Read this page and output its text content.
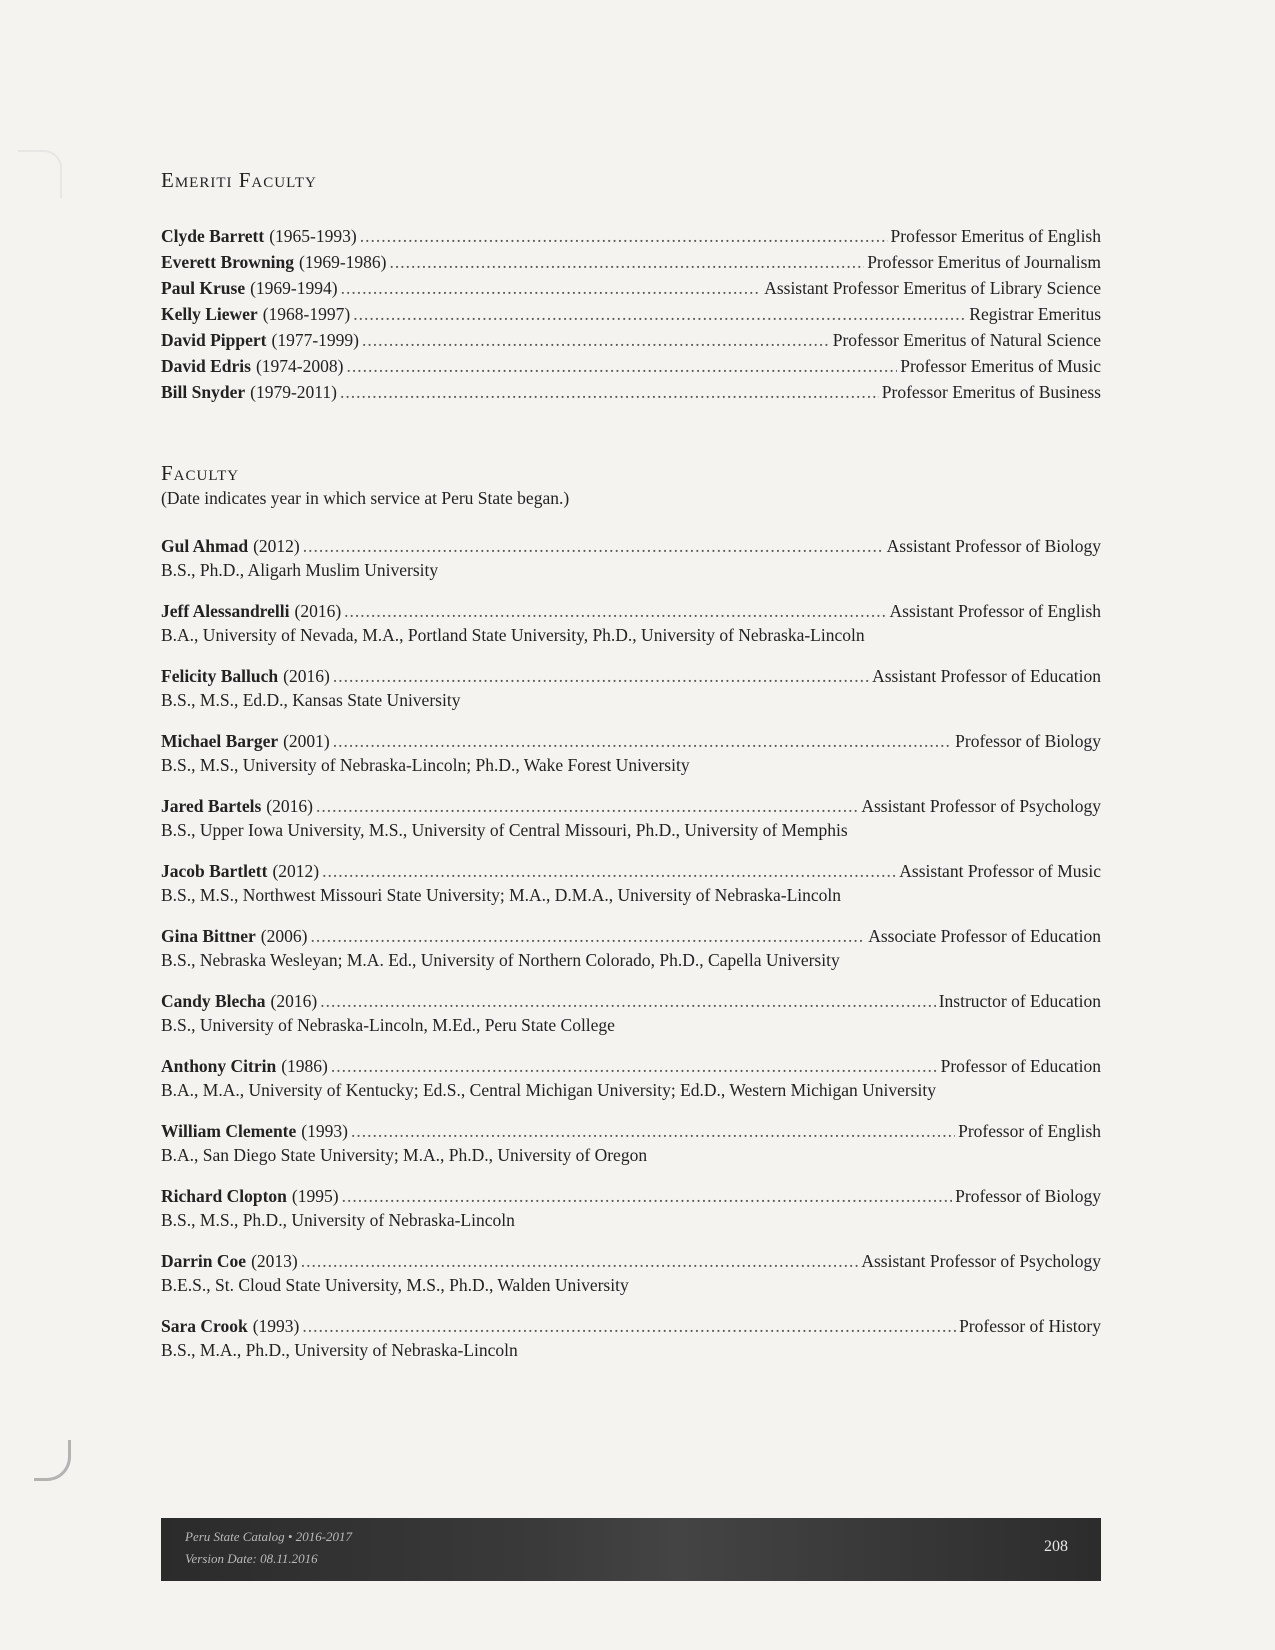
Emeriti Faculty
Clyde Barrett (1965-1993) .....	Professor Emeritus of English
Everett Browning (1969-1986) .....	Professor Emeritus of Journalism
Paul Kruse (1969-1994) .....	Assistant Professor Emeritus of Library Science
Kelly Liewer (1968-1997) .....	Registrar Emeritus
David Pippert (1977-1999) .....	Professor Emeritus of Natural Science
David Edris (1974-2008) .....	Professor Emeritus of Music
Bill Snyder (1979-2011) .....	Professor Emeritus of Business
Faculty
(Date indicates year in which service at Peru State began.)
Gul Ahmad (2012) .....	Assistant Professor of Biology
B.S., Ph.D., Aligarh Muslim University
Jeff Alessandrelli (2016) .....	Assistant Professor of English
B.A., University of Nevada, M.A., Portland State University, Ph.D., University of Nebraska-Lincoln
Felicity Balluch (2016) .....	Assistant Professor of Education
B.S., M.S., Ed.D., Kansas State University
Michael Barger (2001) .....	Professor of Biology
B.S., M.S., University of Nebraska-Lincoln; Ph.D., Wake Forest University
Jared Bartels (2016) .....	Assistant Professor of Psychology
B.S., Upper Iowa University, M.S., University of Central Missouri, Ph.D., University of Memphis
Jacob Bartlett (2012) .....	Assistant Professor of Music
B.S., M.S., Northwest Missouri State University; M.A., D.M.A., University of Nebraska-Lincoln
Gina Bittner (2006) .....	Associate Professor of Education
B.S., Nebraska Wesleyan; M.A. Ed., University of Northern Colorado, Ph.D., Capella University
Candy Blecha (2016) .....	Instructor of Education
B.S., University of Nebraska-Lincoln, M.Ed., Peru State College
Anthony Citrin (1986) .....	Professor of Education
B.A., M.A., University of Kentucky; Ed.S., Central Michigan University; Ed.D., Western Michigan University
William Clemente (1993) .....	Professor of English
B.A., San Diego State University; M.A., Ph.D., University of Oregon
Richard Clopton (1995) .....	Professor of Biology
B.S., M.S., Ph.D., University of Nebraska-Lincoln
Darrin Coe (2013) .....	Assistant Professor of Psychology
B.E.S., St. Cloud State University, M.S., Ph.D., Walden University
Sara Crook (1993) .....	Professor of History
B.S., M.A., Ph.D., University of Nebraska-Lincoln
Peru State Catalog • 2016-2017
Version Date: 08.11.2016
208
